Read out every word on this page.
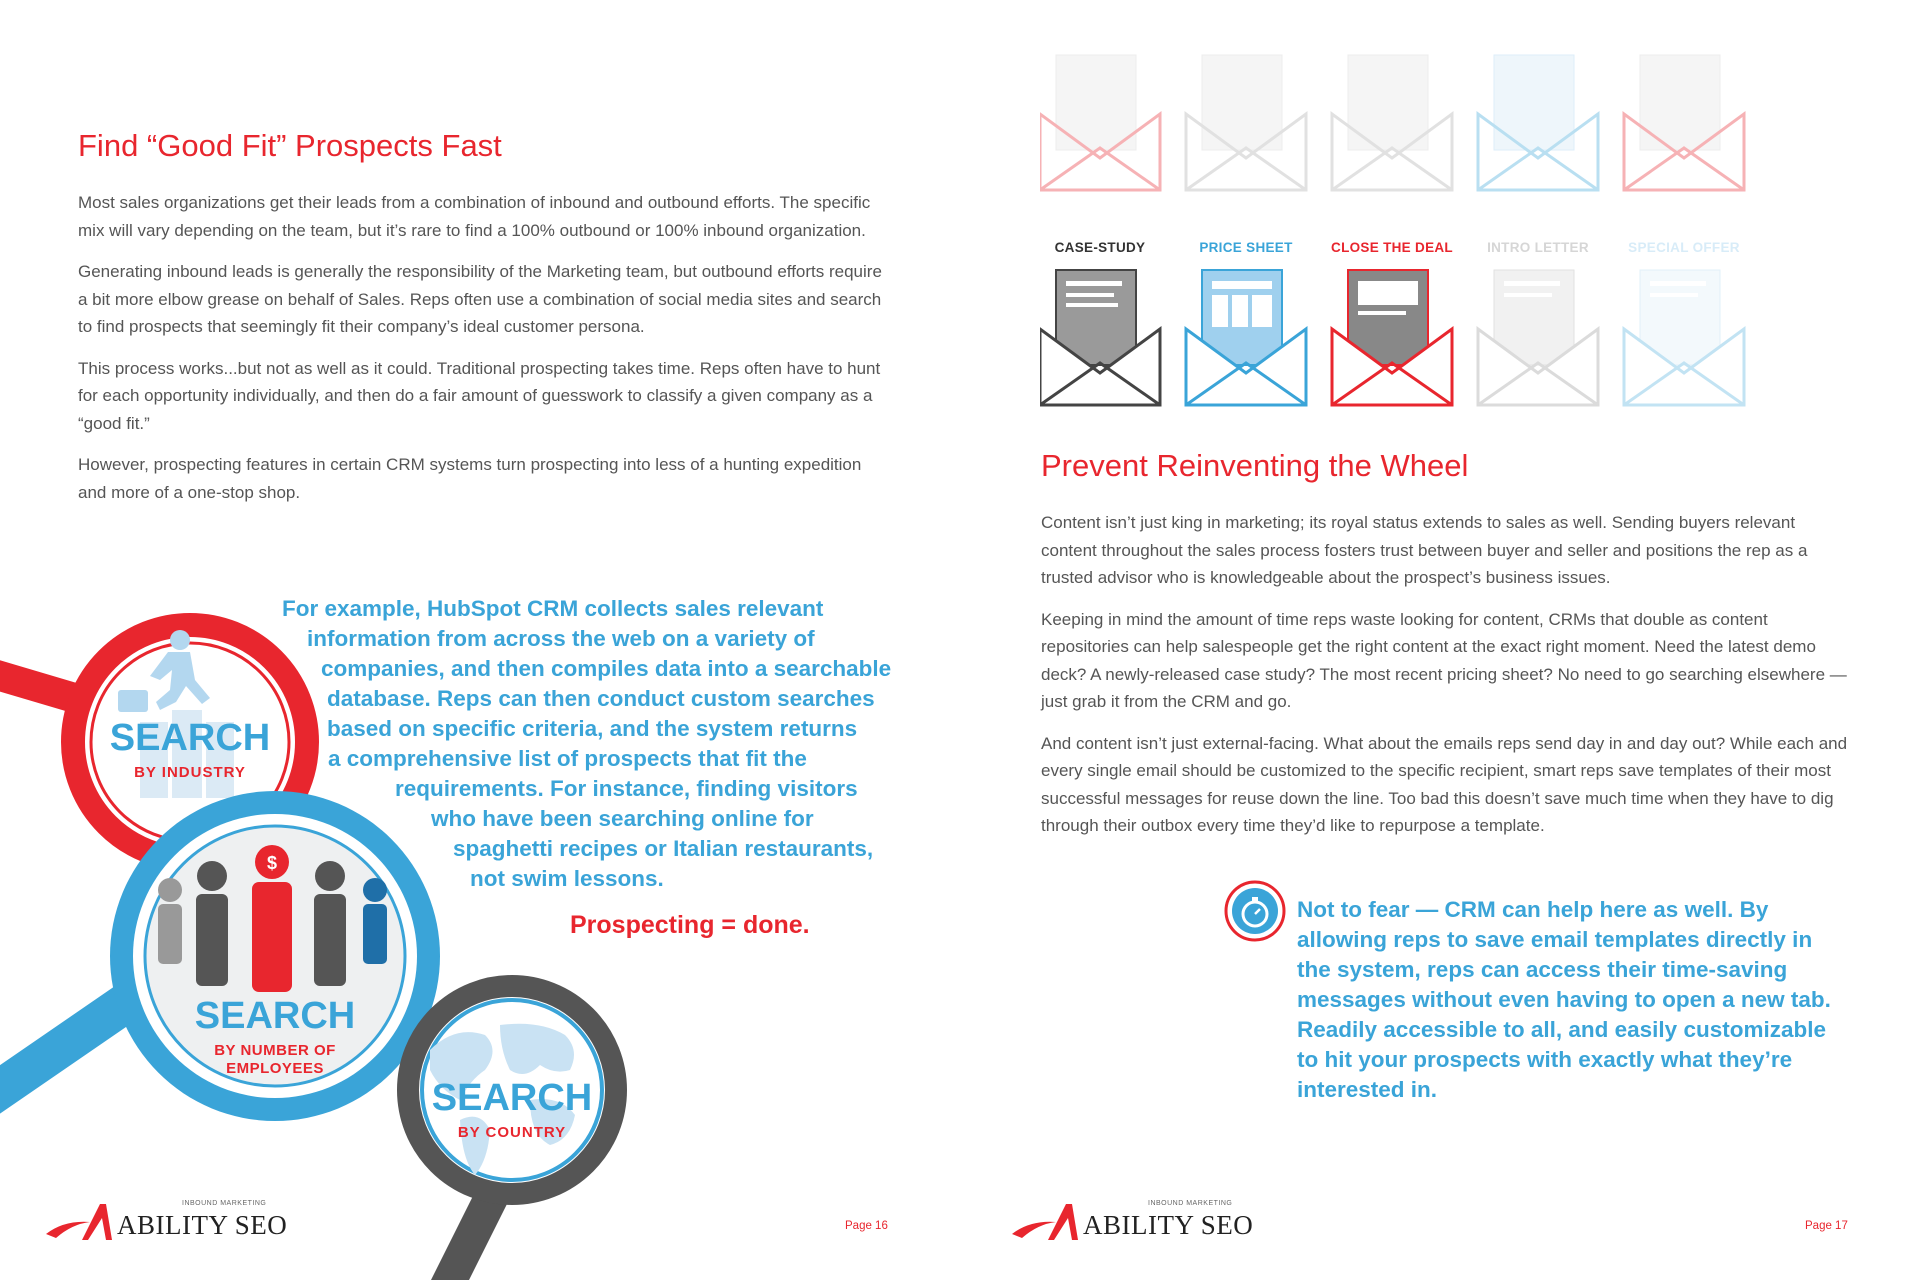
Find “Good Fit” Prospects Fast

Most sales organizations get their leads from a combination of inbound and outbound efforts. The specific mix will vary depending on the team, but it’s rare to find a 100% outbound or 100% inbound organization.

Generating inbound leads is generally the responsibility of the Marketing team, but outbound efforts require a bit more elbow grease on behalf of Sales. Reps often use a combination of social media sites and search to find prospects that seemingly fit their company’s ideal customer persona.

This process works...but not as well as it could. Traditional prospecting takes time. Reps often have to hunt for each opportunity individually, and then do a fair amount of guesswork to classify a given company as a “good fit.”

However, prospecting features in certain CRM systems turn prospecting into less of a hunting expedition and more of a one-stop shop.

SEARCH
BY INDUSTRY
$
SEARCH
BY NUMBER OF
EMPLOYEES
SEARCH
BY COUNTRY
For example, HubSpot CRM collects sales relevant
information from across the web on a variety of
companies, and then compiles data into a searchable
database. Reps can then conduct custom searches
based on specific criteria, and the system returns
a comprehensive list of prospects that fit the
requirements. For instance, finding visitors
who have been searching online for
spaghetti recipes or Italian restaurants,
not swim lessons.
Prospecting = done.
INBOUND MARKETING
ABILITY SEO	Page 16
CASE-STUDY	PRICE SHEET	CLOSE THE DEAL	INTRO LETTER	SPECIAL OFFER
Prevent Reinventing the Wheel

Content isn’t just king in marketing; its royal status extends to sales as well. Sending buyers relevant content throughout the sales process fosters trust between buyer and seller and positions the rep as a trusted advisor who is knowledgeable about the prospect’s business issues.

Keeping in mind the amount of time reps waste looking for content, CRMs that double as content repositories can help salespeople get the right content at the exact right moment. Need the latest demo deck? A newly-released case study? The most recent pricing sheet? No need to go searching elsewhere — just grab it from the CRM and go.

And content isn’t just external-facing. What about the emails reps send day in and day out? While each and every single email should be customized to the specific recipient, smart reps save templates of their most successful messages for reuse down the line. Too bad this doesn’t save much time when they have to dig through their outbox every time they’d like to repurpose a template.

Not to fear — CRM can help here as well. By
allowing reps to save email templates directly in
the system, reps can access their time-saving
messages without even having to open a new tab.
Readily accessible to all, and easily customizable
to hit your prospects with exactly what they’re
interested in.
INBOUND MARKETING
ABILITY SEO	Page 17
